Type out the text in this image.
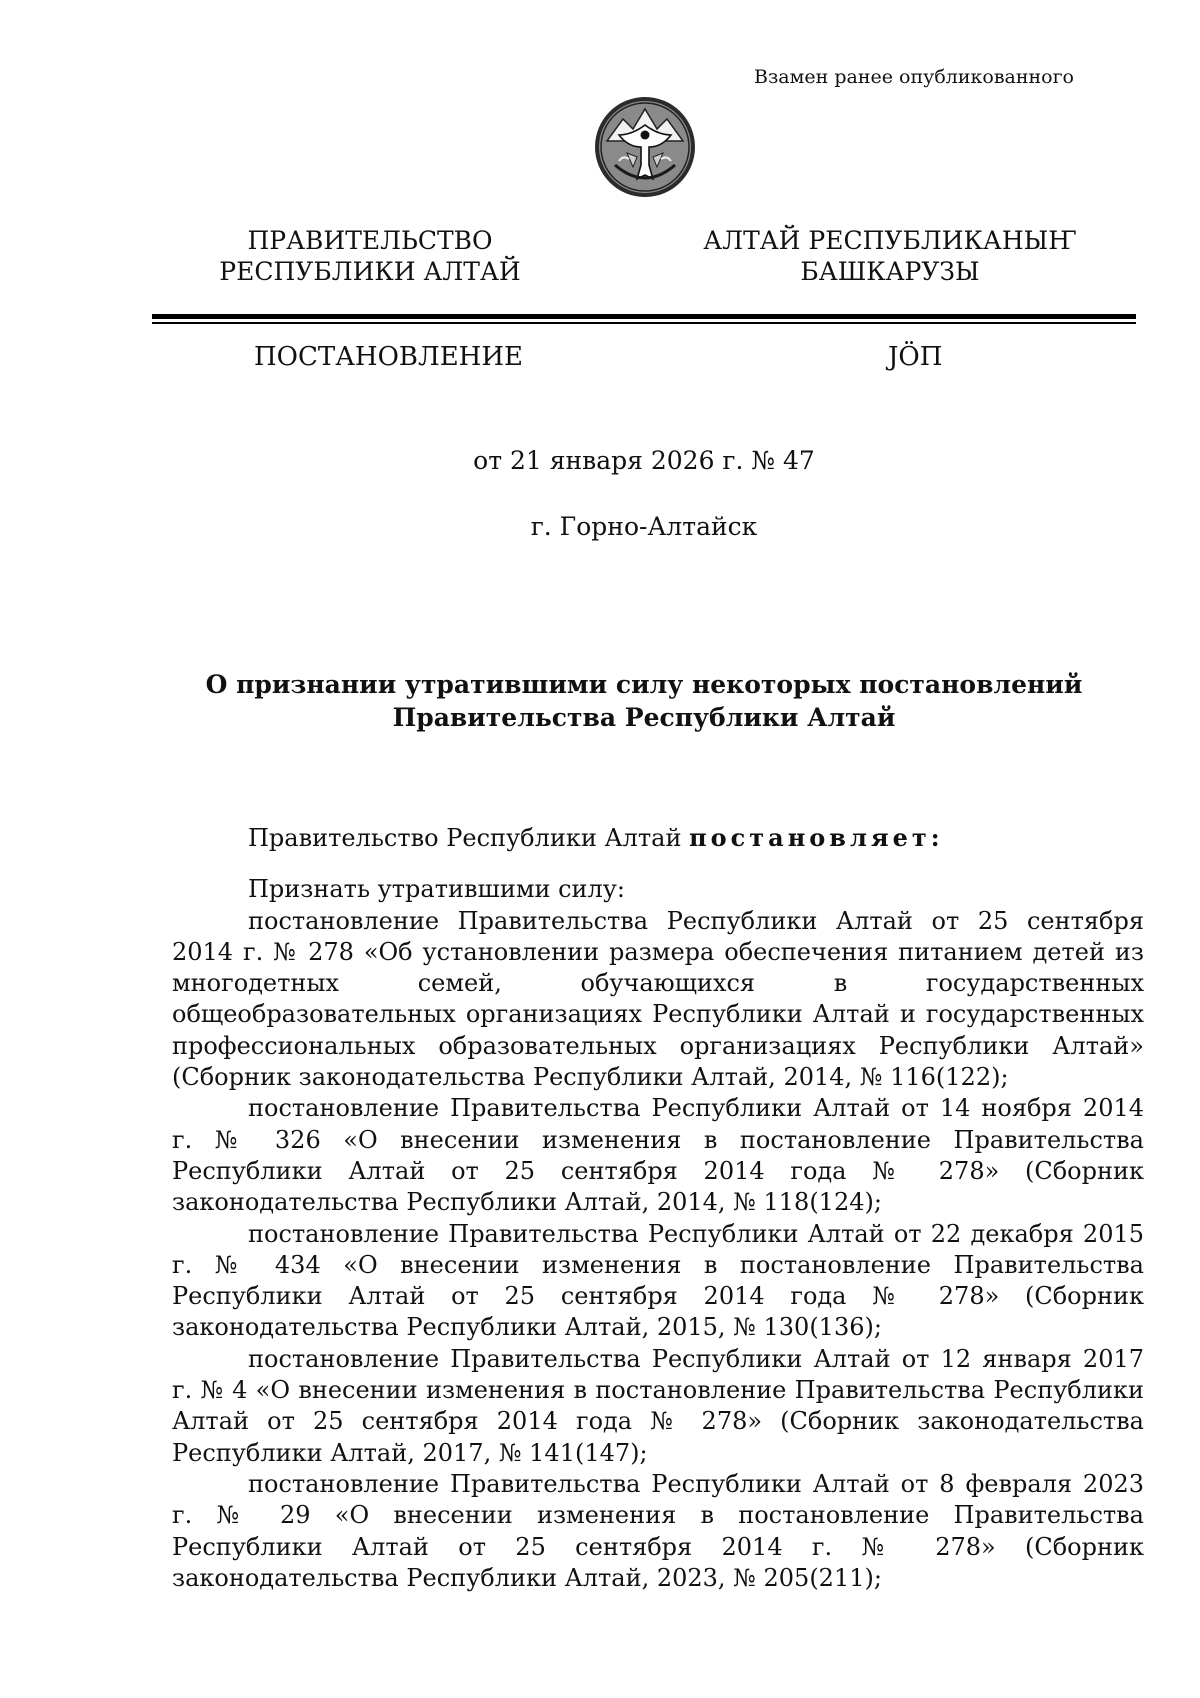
Взамен ранее опубликованного
ПРАВИТЕЛЬСТВО
РЕСПУБЛИКИ АЛТАЙ
АЛТАЙ РЕСПУБЛИКАНЫҤ
БАШКАРУЗЫ
ПОСТАНОВЛЕНИЕ	JӦП
от 21 января 2026 г. № 47
г. Горно-Алтайск
О признании утратившими силу некоторых постановлений Правительства Республики Алтай

Правительство Республики Алтай постановляет:

Признать утратившими силу:

постановление Правительства Республики Алтай от 25 сентября 2014 г. № 278 «Об установлении размера обеспечения питанием детей из многодетных семей, обучающихся в государственных общеобразовательных организациях Республики Алтай и государственных профессиональных образовательных организациях Республики Алтай» (Сборник законодательства Республики Алтай, 2014, № 116(122);

постановление Правительства Республики Алтай от 14 ноября 2014 г. № 326 «О внесении изменения в постановление Правительства Республики Алтай от 25 сентября 2014 года № 278» (Сборник законодательства Республики Алтай, 2014, № 118(124);

постановление Правительства Республики Алтай от 22 декабря 2015 г. № 434 «О внесении изменения в постановление Правительства Республики Алтай от 25 сентября 2014 года № 278» (Сборник законодательства Республики Алтай, 2015, № 130(136);

постановление Правительства Республики Алтай от 12 января 2017 г. № 4 «О внесении изменения в постановление Правительства Республики Алтай от 25 сентября 2014 года № 278» (Сборник законодательства Республики Алтай, 2017, № 141(147);

постановление Правительства Республики Алтай от 8 февраля 2023 г. № 29 «О внесении изменения в постановление Правительства Республики Алтай от 25 сентября 2014 г. № 278» (Сборник законодательства Республики Алтай, 2023, № 205(211);
